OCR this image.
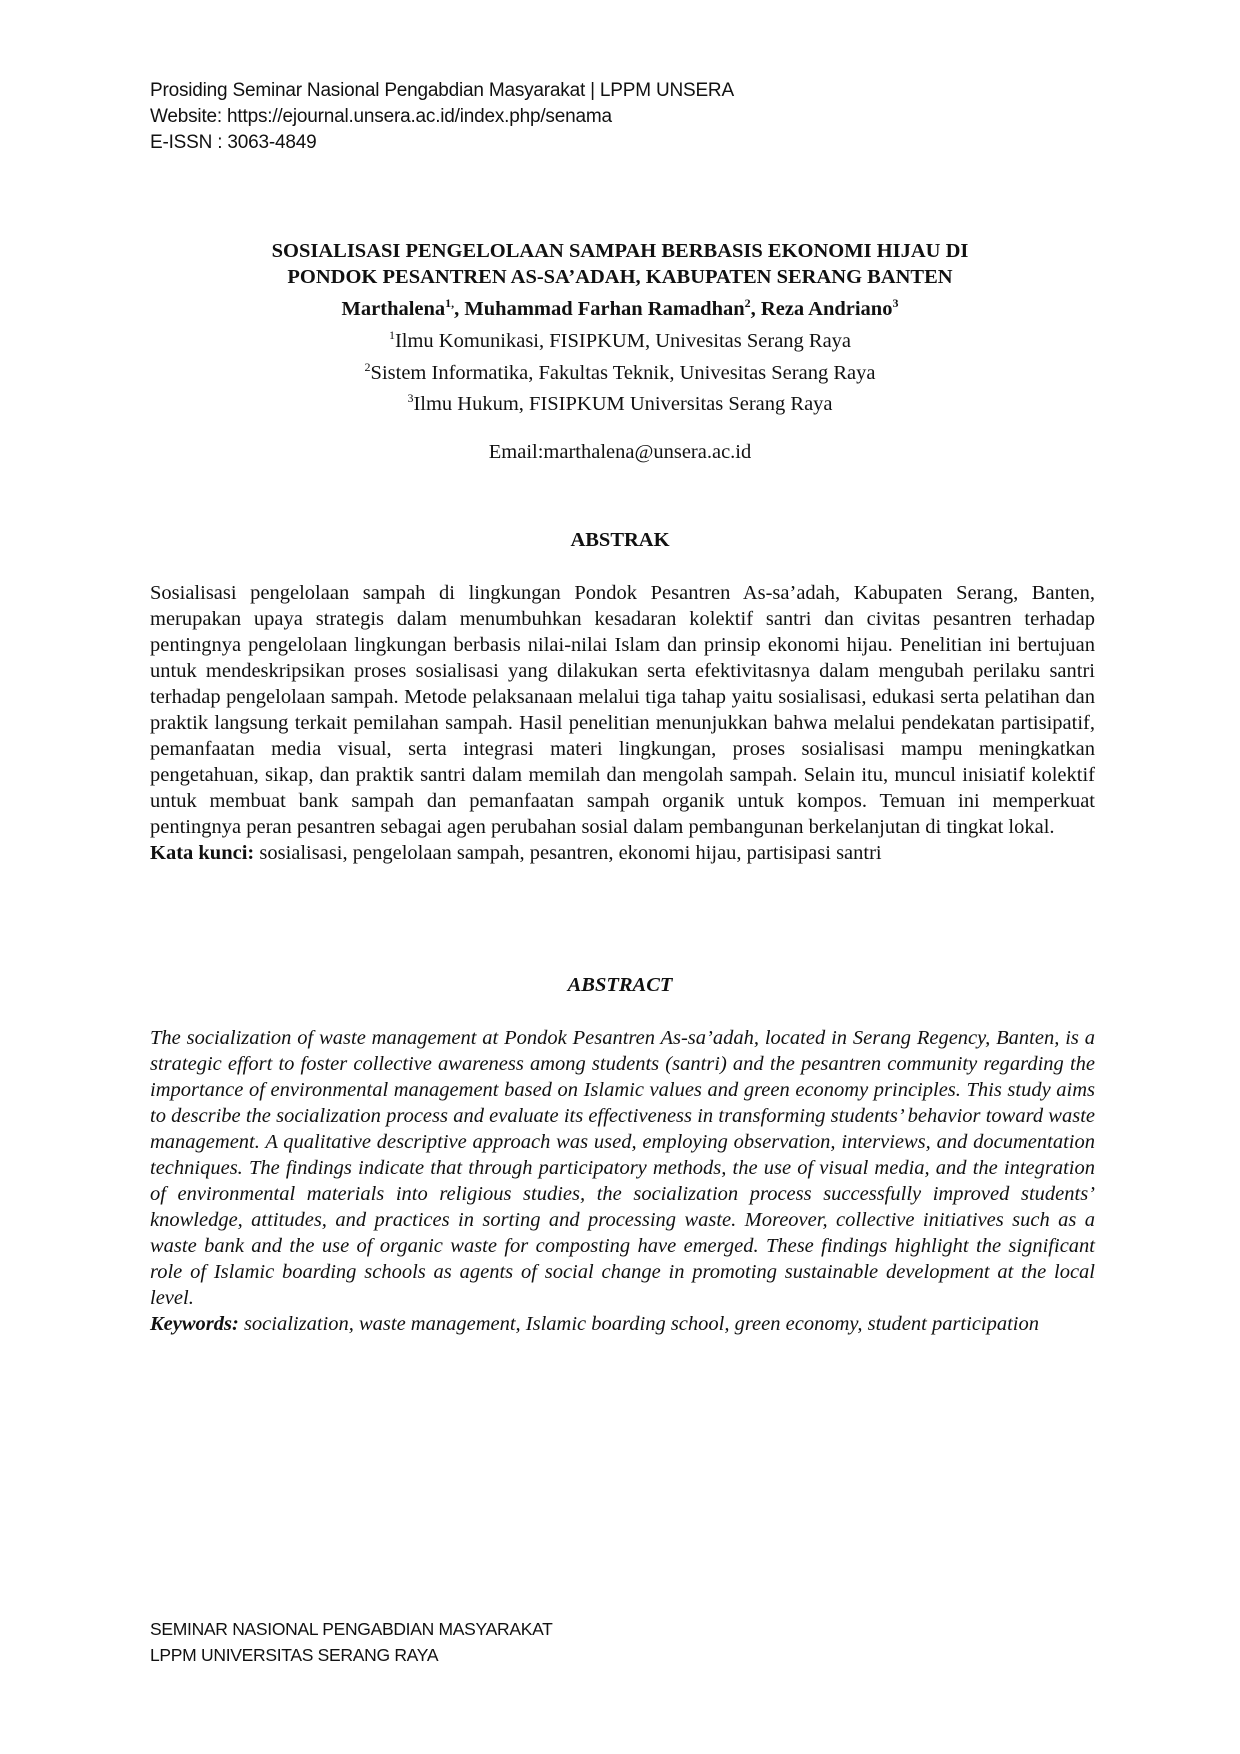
Prosiding Seminar Nasional Pengabdian Masyarakat | LPPM UNSERA
Website: https://ejournal.unsera.ac.id/index.php/senama
E-ISSN : 3063-4849
SOSIALISASI PENGELOLAAN SAMPAH BERBASIS EKONOMI HIJAU DI
PONDOK PESANTREN AS-SA’ADAH, KABUPATEN SERANG BANTEN
Marthalena$^{1,}$, Muhammad Farhan Ramadhan$^2$, Reza Andriano$^3$
$^1$Ilmu Komunikasi, FISIPKUM, Univesitas Serang Raya
$^2$Sistem Informatika, Fakultas Teknik, Univesitas Serang Raya
$^3$Ilmu Hukum, FISIPKUM Universitas Serang Raya
Email:marthalena@unsera.ac.id
ABSTRAK

Sosialisasi pengelolaan sampah di lingkungan Pondok Pesantren As-sa’adah, Kabupaten Serang, Banten, merupakan upaya strategis dalam menumbuhkan kesadaran kolektif santri dan civitas pesantren terhadap pentingnya pengelolaan lingkungan berbasis nilai-nilai Islam dan prinsip ekonomi hijau. Penelitian ini bertujuan untuk mendeskripsikan proses sosialisasi yang dilakukan serta efektivitasnya dalam mengubah perilaku santri terhadap pengelolaan sampah. Metode pelaksanaan melalui tiga tahap yaitu sosialisasi, edukasi serta pelatihan dan praktik langsung terkait pemilahan sampah. Hasil penelitian menunjukkan bahwa melalui pendekatan partisipatif, pemanfaatan media visual, serta integrasi materi lingkungan, proses sosialisasi mampu meningkatkan pengetahuan, sikap, dan praktik santri dalam memilah dan mengolah sampah. Selain itu, muncul inisiatif kolektif untuk membuat bank sampah dan pemanfaatan sampah organik untuk kompos. Temuan ini memperkuat pentingnya peran pesantren sebagai agen perubahan sosial dalam pembangunan berkelanjutan di tingkat lokal.

Kata kunci: sosialisasi, pengelolaan sampah, pesantren, ekonomi hijau, partisipasi santri

ABSTRACT

The socialization of waste management at Pondok Pesantren As-sa’adah, located in Serang Regency, Banten, is a strategic effort to foster collective awareness among students (santri) and the pesantren community regarding the importance of environmental management based on Islamic values and green economy principles. This study aims to describe the socialization process and evaluate its effectiveness in transforming students’ behavior toward waste management. A qualitative descriptive approach was used, employing observation, interviews, and documentation techniques. The findings indicate that through participatory methods, the use of visual media, and the integration of environmental materials into religious studies, the socialization process successfully improved students’ knowledge, attitudes, and practices in sorting and processing waste. Moreover, collective initiatives such as a waste bank and the use of organic waste for composting have emerged. These findings highlight the significant role of Islamic boarding schools as agents of social change in promoting sustainable development at the local level.

Keywords: socialization, waste management, Islamic boarding school, green economy, student participation

SEMINAR NASIONAL PENGABDIAN MASYARAKAT
LPPM UNIVERSITAS SERANG RAYA
